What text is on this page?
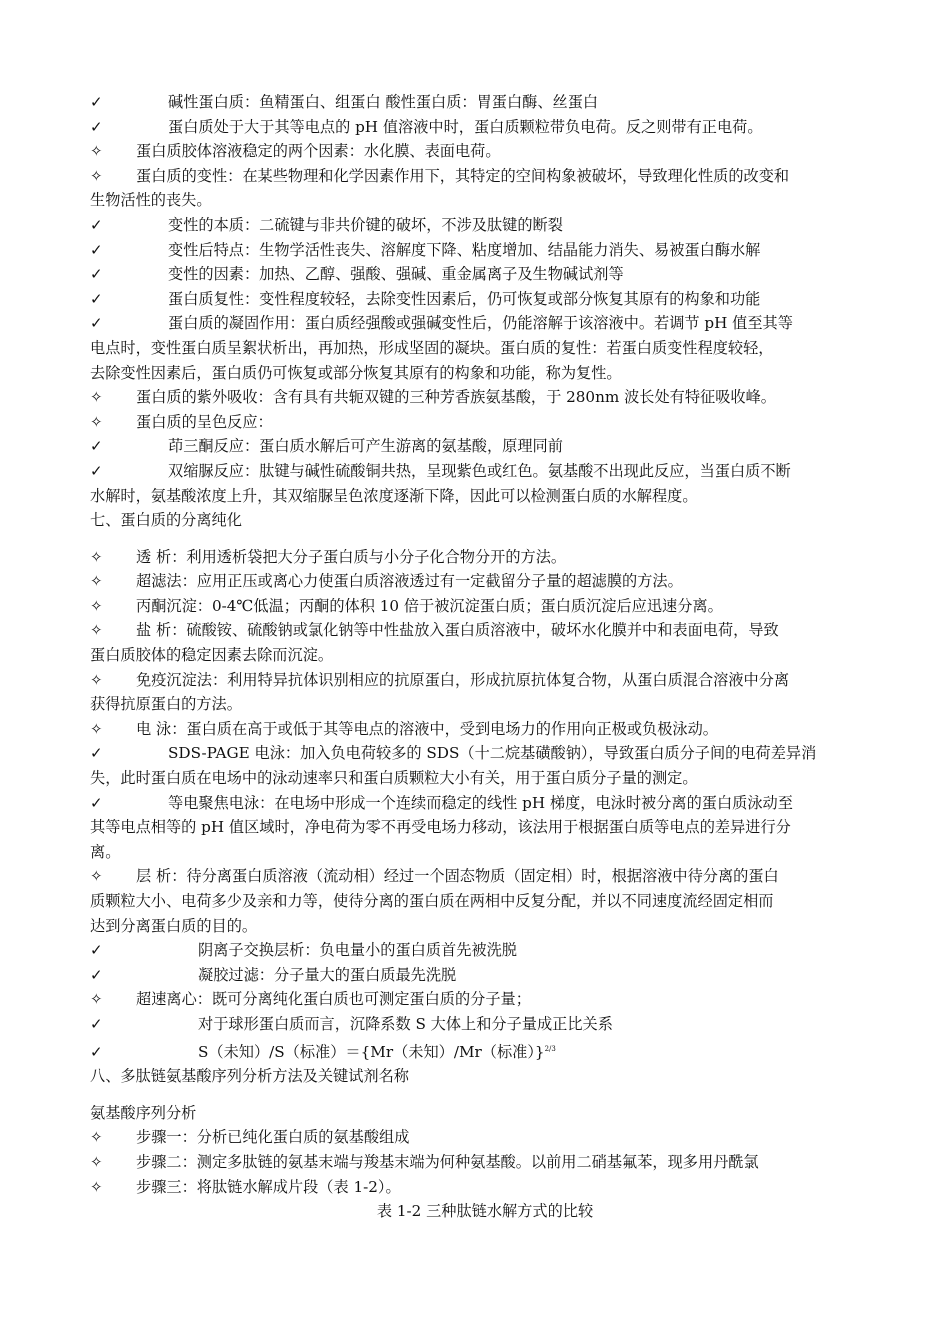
✓	碱性蛋白质：鱼精蛋白、组蛋白 酸性蛋白质：胃蛋白酶、丝蛋白
✓	蛋白质处于大于其等电点的 pH 值溶液中时，蛋白质颗粒带负电荷。反之则带有正电荷。
✧ 蛋白质胶体溶液稳定的两个因素：水化膜、表面电荷。
✧ 蛋白质的变性：在某些物理和化学因素作用下，其特定的空间构象被破坏，导致理化性质的改变和
生物活性的丧失。
✓	变性的本质：二硫键与非共价键的破坏，不涉及肽键的断裂
✓	变性后特点：生物学活性丧失、溶解度下降、粘度增加、结晶能力消失、易被蛋白酶水解
✓	变性的因素：加热、乙醇、强酸、强碱、重金属离子及生物碱试剂等
✓	蛋白质复性：变性程度较轻，去除变性因素后，仍可恢复或部分恢复其原有的构象和功能
✓	蛋白质的凝固作用：蛋白质经强酸或强碱变性后，仍能溶解于该溶液中。若调节 pH 值至其等
电点时，变性蛋白质呈絮状析出，再加热，形成坚固的凝块。蛋白质的复性：若蛋白质变性程度较轻，
去除变性因素后，蛋白质仍可恢复或部分恢复其原有的构象和功能，称为复性。
✧ 蛋白质的紫外吸收：含有具有共轭双键的三种芳香族氨基酸，于 280nm 波长处有特征吸收峰。
✧ 蛋白质的呈色反应：
✓	茚三酮反应：蛋白质水解后可产生游离的氨基酸，原理同前
✓	双缩脲反应：肽键与碱性硫酸铜共热，呈现紫色或红色。氨基酸不出现此反应，当蛋白质不断
水解时，氨基酸浓度上升，其双缩脲呈色浓度逐渐下降，因此可以检测蛋白质的水解程度。
七、蛋白质的分离纯化
✧ 透 析：利用透析袋把大分子蛋白质与小分子化合物分开的方法。
✧ 超滤法：应用正压或离心力使蛋白质溶液透过有一定截留分子量的超滤膜的方法。
✧ 丙酮沉淀：0-4℃低温；丙酮的体积 10 倍于被沉淀蛋白质；蛋白质沉淀后应迅速分离。
✧ 盐 析：硫酸铵、硫酸钠或氯化钠等中性盐放入蛋白质溶液中，破坏水化膜并中和表面电荷，导致
蛋白质胶体的稳定因素去除而沉淀。
✧ 免疫沉淀法：利用特异抗体识别相应的抗原蛋白，形成抗原抗体复合物，从蛋白质混合溶液中分离
获得抗原蛋白的方法。
✧ 电 泳：蛋白质在高于或低于其等电点的溶液中，受到电场力的作用向正极或负极泳动。
✓	SDS-PAGE 电泳：加入负电荷较多的 SDS（十二烷基磺酸钠），导致蛋白质分子间的电荷差异消
失，此时蛋白质在电场中的泳动速率只和蛋白质颗粒大小有关，用于蛋白质分子量的测定。
✓	等电聚焦电泳：在电场中形成一个连续而稳定的线性 pH 梯度，电泳时被分离的蛋白质泳动至
其等电点相等的 pH 值区域时，净电荷为零不再受电场力移动，该法用于根据蛋白质等电点的差异进行分
离。
✧ 层 析：待分离蛋白质溶液（流动相）经过一个固态物质（固定相）时，根据溶液中待分离的蛋白
质颗粒大小、电荷多少及亲和力等，使待分离的蛋白质在两相中反复分配，并以不同速度流经固定相而
达到分离蛋白质的目的。
✓	阴离子交换层析：负电量小的蛋白质首先被洗脱
✓	凝胶过滤：分子量大的蛋白质最先洗脱
✧ 超速离心：既可分离纯化蛋白质也可测定蛋白质的分子量；
✓	对于球形蛋白质而言，沉降系数 S 大体上和分子量成正比关系
✓	S（未知）/S（标准）＝{Mr（未知）/Mr（标准）}$^{2/3}$
八、多肽链氨基酸序列分析方法及关键试剂名称
氨基酸序列分析
✧ 步骤一：分析已纯化蛋白质的氨基酸组成
✧ 步骤二：测定多肽链的氨基末端与羧基末端为何种氨基酸。以前用二硝基氟苯，现多用丹酰氯
✧ 步骤三：将肽链水解成片段（表 1-2）。
表 1-2 三种肽链水解方式的比较
